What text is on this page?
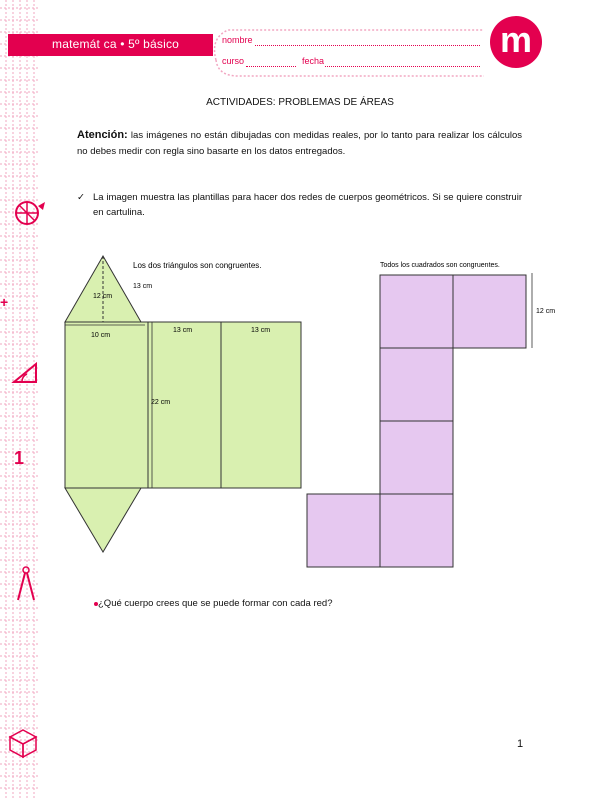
+
1
matemát ca • 5º básico	nombre
curso	fecha
m
ACTIVIDADES: PROBLEMAS DE ÁREAS
Atención: las imágenes no están dibujadas con medidas reales, por lo tanto para realizar los cálculos no debes medir con regla sino basarte en los datos entregados.
✓ La imagen muestra las plantillas para hacer dos redes de cuerpos geométricos. Si se quiere construir en cartulina.
Los dos triángulos son congruentes.
13 cm
12 cm
10 cm
13 cm	13 cm
22 cm
Todos los cuadrados son congruentes.
12 cm
¿Qué cuerpo crees que se puede formar con cada red?
1
